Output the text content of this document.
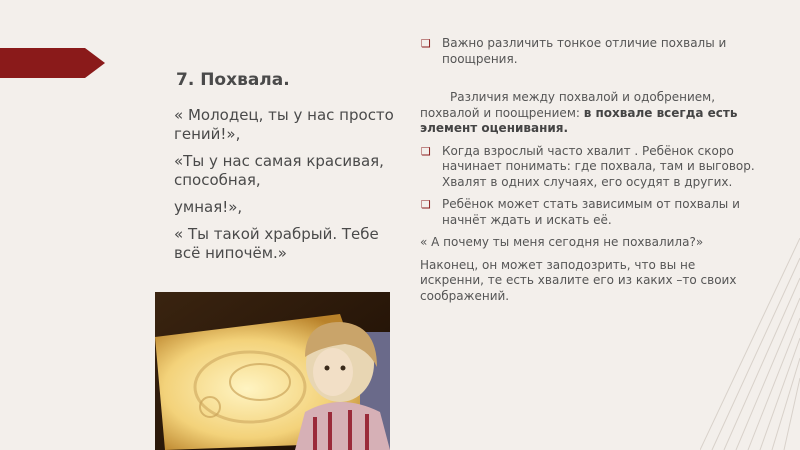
7. Похвала.

« Молодец, ты у нас просто гений!»,

«Ты у нас самая красивая, способная,

умная!»,

« Ты такой храбрый. Тебе всё нипочём.»

❑ Важно различить тонкое отличие похвалы и поощрения.
Различия между похвалой и одобрением,
похвалой и поощрением: в похвале всегда есть элемент оценивания.
❑ Когда взрослый часто хвалит . Ребёнок скоро начинает понимать: где похвала, там и выговор. Хвалят в одних случаях, его осудят в других.
❑ Ребёнок может стать зависимым от похвалы и начнёт ждать и искать её.
« А почему ты меня сегодня не похвалила?»
Наконец, он может заподозрить, что вы не искренни, те есть хвалите его из каких –то своих соображений.
